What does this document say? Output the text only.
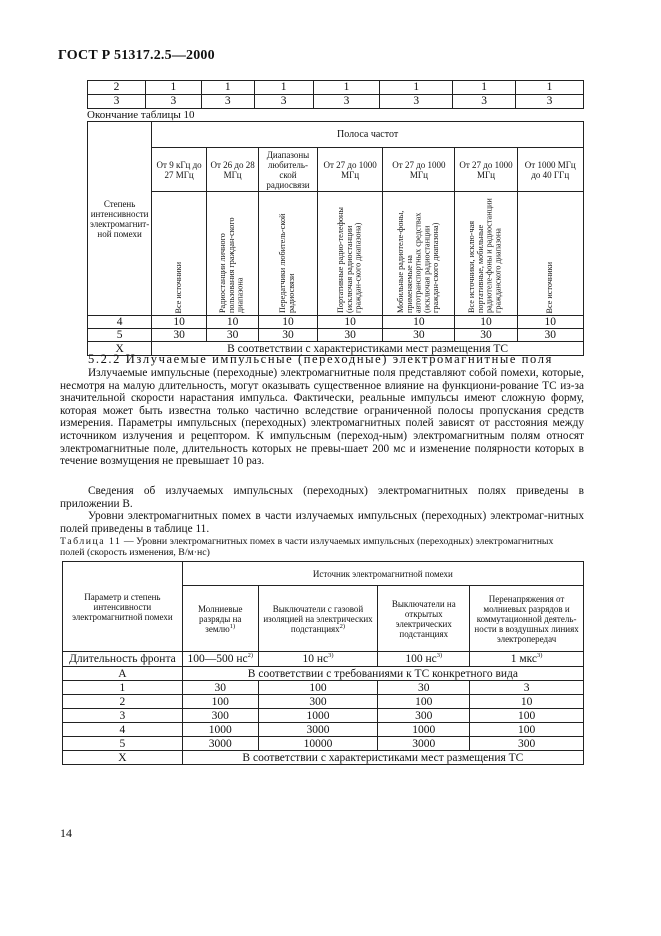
ГОСТ Р 51317.2.5—2000
2	1	1	1	1	1	1	1
3	3	3	3	3	3	3	3
Окончание таблицы 10
Степень интенсивности электромагнит-ной помехи	Полоса частот						
	От 9 кГц до 27 МГц	От 26 до 28 МГц	Диапазоны любитель-ской радиосвязи	От 27 до 1000 МГц	От 27 до 1000 МГц	От 27 до 1000 МГц	От 1000 МГц до 40 ГГц

	Все источники	Радиостанции личного пользования граждан-ского диапазона	Передатчики любитель-ской радиосвязи	Портативные радио-телефоны (исключая радиостанции граждан-ского диапазона)	Мобильные радиотеле-фоны, применяемые на автотранспортных средствах (исключая радиостанции граждан-ского диапазона)	Все источники, исклю-чая портативные, мобильные радиотеле-фоны и радиостанции гражданского диапазона	Все источники

4	10	10	10	10	10	10	10
5	30	30	30	30	30	30	30
X	В соответствии с характеристиками мест размещения ТС						
5.2.2 Излучаемые импульсные (переходные) электромагнитные поля
Излучаемые импульсные (переходные) электромагнитные поля представляют собой помехи, которые, несмотря на малую длительность, могут оказывать существенное влияние на функциони-рование ТС из-за значительной скорости нарастания импульса. Фактически, реальные импульсы имеют сложную форму, которая может быть известна только частично вследствие ограниченной полосы пропускания средств измерения. Параметры импульсных (переходных) электромагнитных полей зависят от расстояния между источником излучения и рецептором. К импульсным (переход-ным) электромагнитным полям относят электромагнитные поле, длительность которых не превы-шает 200 мс и изменение полярности которых в течение возмущения не превышает 10 раз.
Сведения об излучаемых импульсных (переходных) электромагнитных полях приведены в приложении В.
Уровни электромагнитных помех в части излучаемых импульсных (переходных) электромаг-нитных полей приведены в таблице 11.
Таблица 11 — Уровни электромагнитных помех в части излучаемых импульсных (переходных) электромагнитных полей (скорость изменения, В/м·нс)
Параметр и степень интенсивности электромагнитной помехи	Источник электромагнитной помехи			
	Молниевые разряды на землю$^{1)}$	Выключатели с газовой изоляцией на электрических подстанциях$^{2)}$	Выключатели на открытых электрических подстанциях	Перенапряжения от молниевых разрядов и коммутационной деятель-ности в воздушных линиях электропередач
Длительность фронта	100—500 $нс^{2)}$	10 $нс^{3)}$	100 $нс^{3)}$	1 мкс$^{3)}$
А	В соответствии с требованиями к ТС конкретного вида			
1	30	100	30	3
2	100	300	100	10
3	300	1000	300	100
4	1000	3000	1000	100
5	3000	10000	3000	300
X	В соответствии с характеристиками мест размещения ТС			
14
